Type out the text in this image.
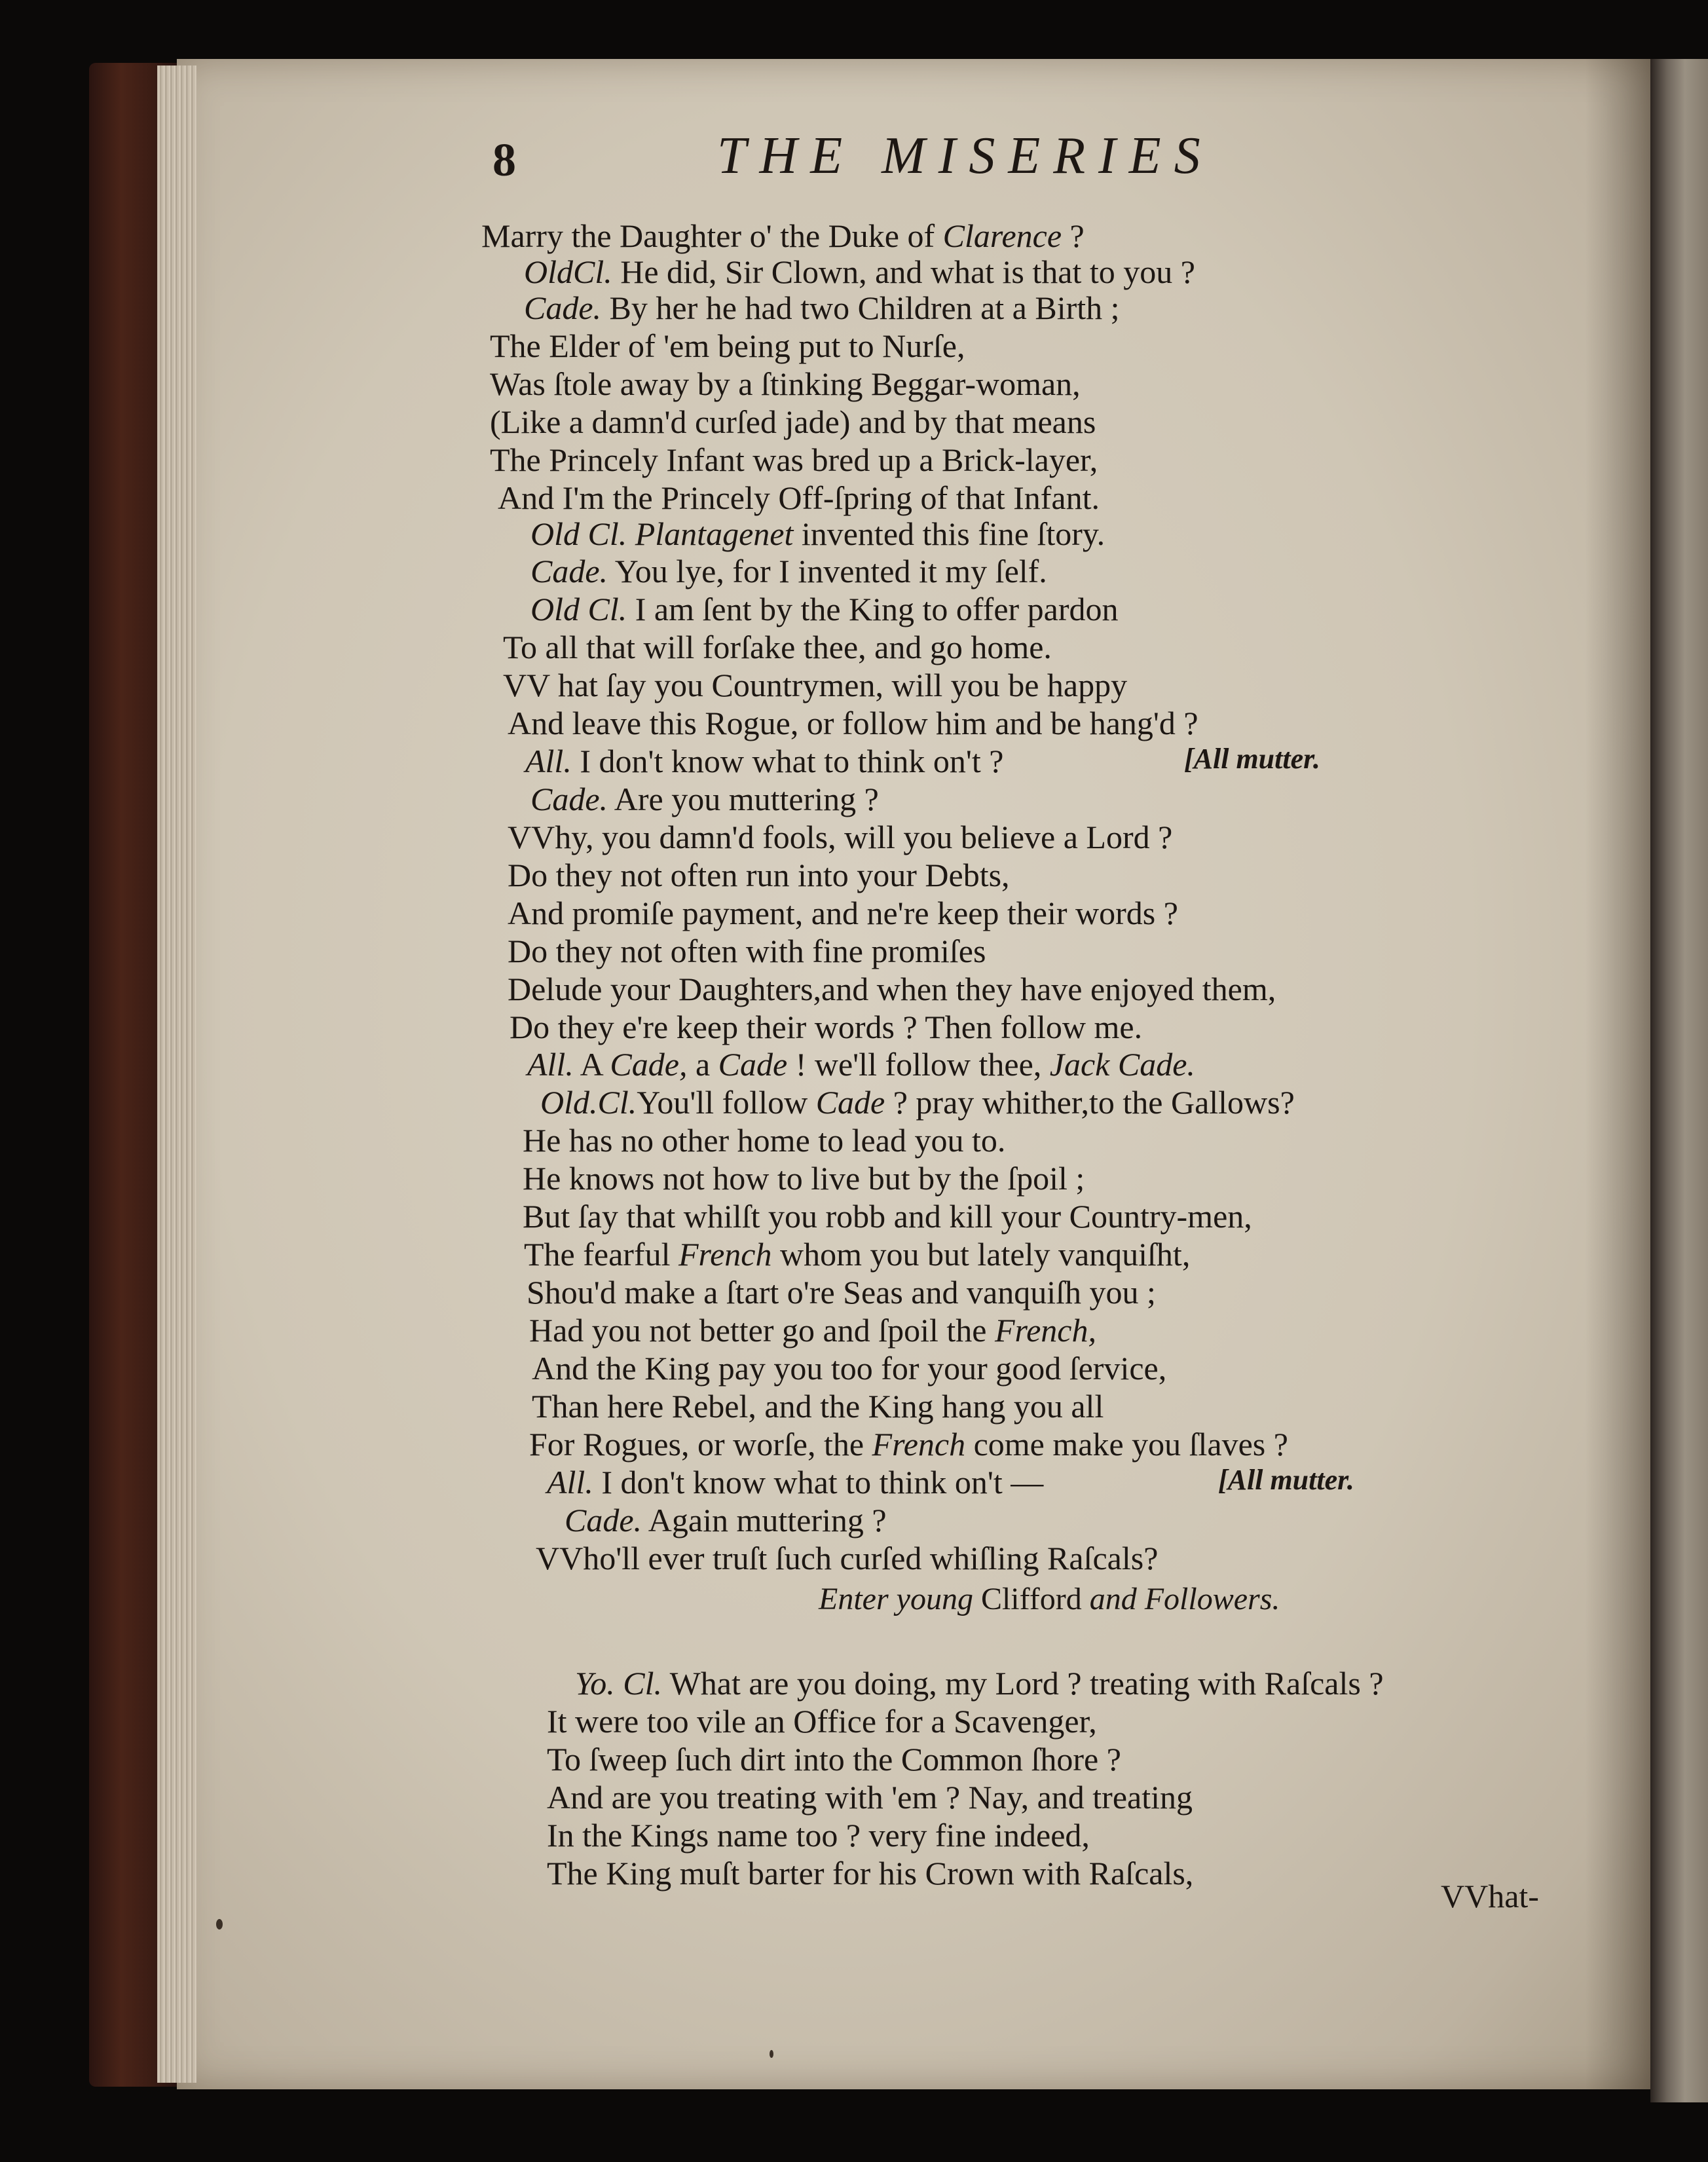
8	THE MISERIES
Marry the Daughter o' the Duke of Clarence ?
OldCl. He did, Sir Clown, and what is that to you ?
Cade. By her he had two Children at a Birth ;
The Elder of 'em being put to Nurſe,
Was ſtole away by a ſtinking Beggar-woman,
(Like a damn'd curſed jade) and by that means
The Princely Infant was bred up a Brick-layer,
And I'm the Princely Off-ſpring of that Infant.
Old Cl. Plantagenet invented this fine ſtory.
Cade. You lye, for I invented it my ſelf.
Old Cl. I am ſent by the King to offer pardon
To all that will forſake thee, and go home.
VV hat ſay you Countrymen, will you be happy
And leave this Rogue, or follow him and be hang'd ?
All. I don't know what to think on't ?	[All mutter.
Cade. Are you muttering ?
VVhy, you damn'd fools, will you believe a Lord ?
Do they not often run into your Debts,
And promiſe payment, and ne're keep their words ?
Do they not often with fine promiſes
Delude your Daughters,and when they have enjoyed them,
Do they e're keep their words ? Then follow me.
All. A Cade, a Cade ! we'll follow thee, Jack Cade.
Old.Cl.You'll follow Cade ? pray whither,to the Gallows?
He has no other home to lead you to.
He knows not how to live but by the ſpoil ;
But ſay that whilſt you robb and kill your Country-men,
The fearful French whom you but lately vanquiſht,
Shou'd make a ſtart o're Seas and vanquiſh you ;
Had you not better go and ſpoil the French,
And the King pay you too for your good ſervice,
Than here Rebel, and the King hang you all
For Rogues, or worſe, the French come make you ſlaves ?
All. I don't know what to think on't —	[All mutter.
Cade. Again muttering ?
VVho'll ever truſt ſuch curſed whiſling Raſcals?
Enter young Clifford and Followers.
Yo. Cl. What are you doing, my Lord ? treating with Raſcals ?
It were too vile an Office for a Scavenger,
To ſweep ſuch dirt into the Common ſhore ?
And are you treating with 'em ? Nay, and treating
In the Kings name too ? very fine indeed,
The King muſt barter for his Crown with Raſcals,
VVhat-
